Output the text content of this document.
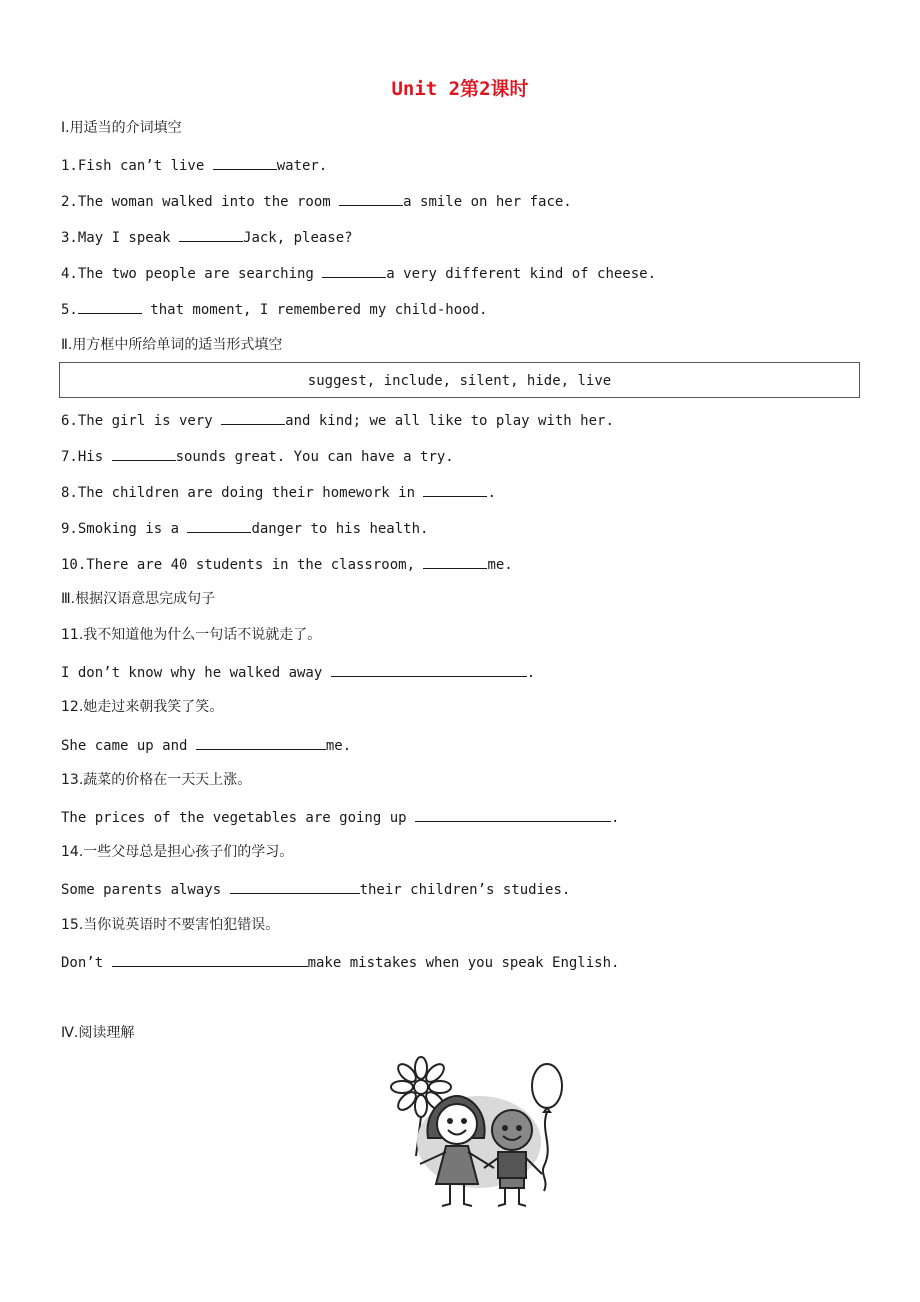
Unit 2第2课时
Ⅰ.用适当的介词填空
1.Fish can’t live	water.
2.The woman walked into the room	a smile on her face.
3.May I speak	Jack, please?
4.The two people are searching	a very different kind of cheese.
5.	that moment, I remembered my child-hood.
Ⅱ.用方框中所给单词的适当形式填空
suggest, include, silent, hide, live
6.The girl is very	and kind; we all like to play with her.
7.His	sounds great. You can have a try.
8.The children are doing their homework in	.
9.Smoking is a	danger to his health.
10.There are 40 students in the classroom,	me.
Ⅲ.根据汉语意思完成句子
11.我不知道他为什么一句话不说就走了。
I don’t know why he walked away	.
12.她走过来朝我笑了笑。
She came up and	me.
13.蔬菜的价格在一天天上涨。
The prices of the vegetables are going up	.
14.一些父母总是担心孩子们的学习。
Some parents always	their children’s studies.
15.当你说英语时不要害怕犯错误。
Don’t	make mistakes when you speak English.
Ⅳ.阅读理解
